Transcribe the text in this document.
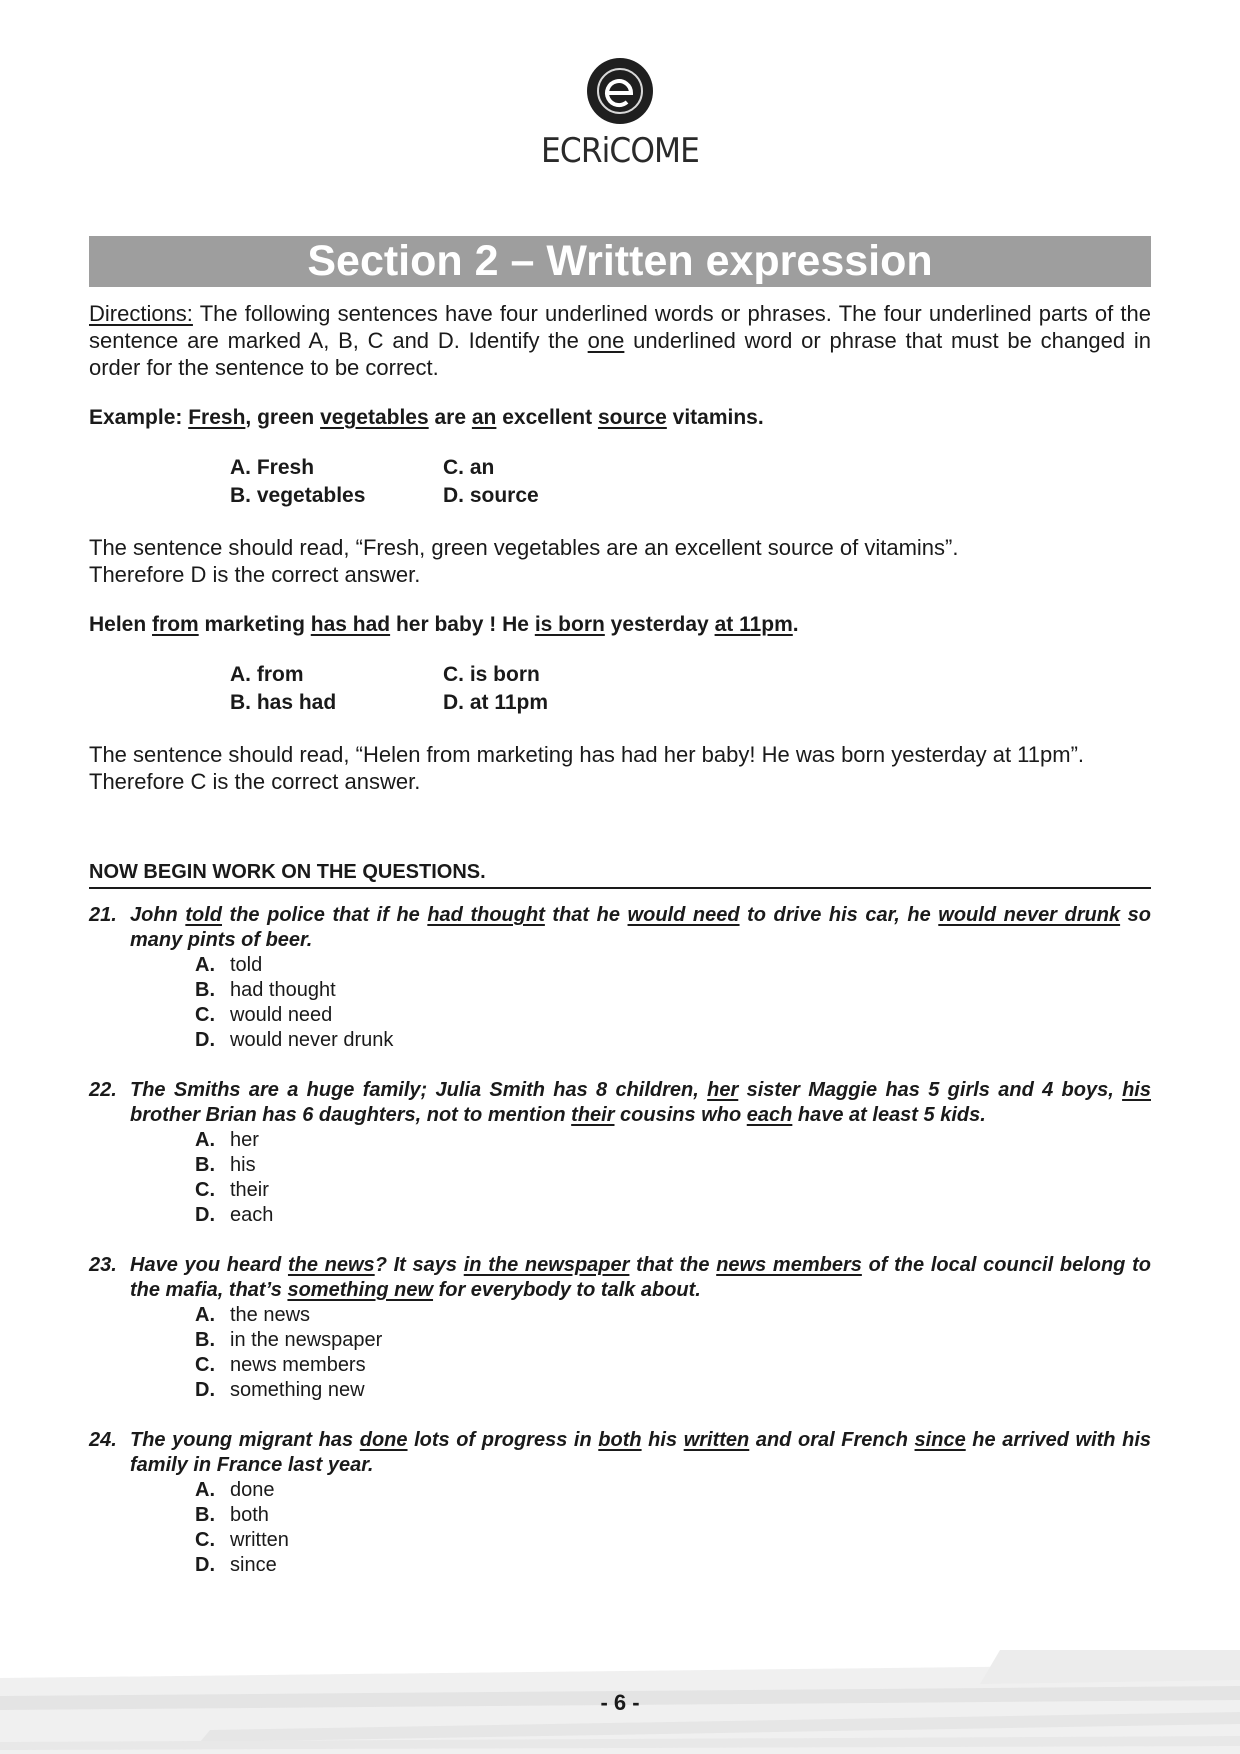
ECRiCOME
Section 2 – Written expression

Directions: The following sentences have four underlined words or phrases. The four underlined parts of the sentence are marked A, B, C and D. Identify the one underlined word or phrase that must be changed in order for the sentence to be correct.

Example: Fresh, green vegetables are an excellent source vitamins.

A. Fresh	C. an
B. vegetables	D. source

The sentence should read, “Fresh, green vegetables are an excellent source of vitamins”.
Therefore D is the correct answer.

Helen from marketing has had her baby ! He is born yesterday at 11pm.

A. from	C. is born
B. has had	D. at 11pm

The sentence should read, “Helen from marketing has had her baby! He was born yesterday at 11pm”.
Therefore C is the correct answer.

NOW BEGIN WORK ON THE QUESTIONS.
21. John told the police that if he had thought that he would need to drive his car, he would never drunk so many pints of beer.
A. told
B. had thought
C. would need
D. would never drunk
22. The Smiths are a huge family; Julia Smith has 8 children, her sister Maggie has 5 girls and 4 boys, his brother Brian has 6 daughters, not to mention their cousins who each have at least 5 kids.
A. her
B. his
C. their
D. each
23. Have you heard the news? It says in the newspaper that the news members of the local council belong to the mafia, that’s something new for everybody to talk about.
A. the news
B. in the newspaper
C. news members
D. something new
24. The young migrant has done lots of progress in both his written and oral French since he arrived with his family in France last year.
A. done
B. both
C. written
D. since
- 6 -
